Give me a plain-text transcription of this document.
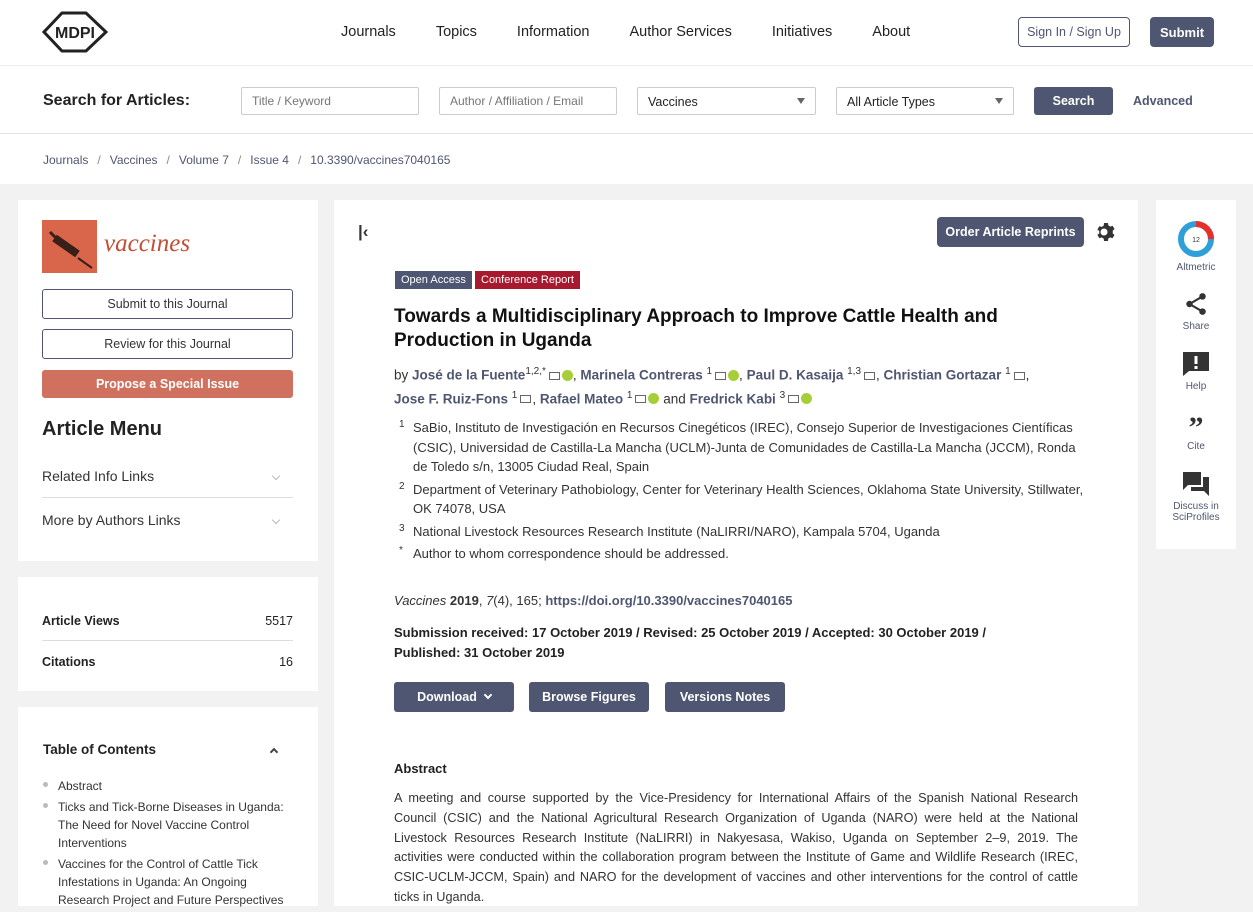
MDPI	Journals	Topics	Information	Author Services	Initiatives	About	Sign In / Sign Up	Submit
Search for Articles:
Title / Keyword
Author / Affiliation / Email	Vaccines	All Article Types	Search	Advanced
Journals / Vaccines / Volume 7 / Issue 4 / 10.3390/vaccines7040165
vaccines
Submit to this Journal
Review for this Journal
Propose a Special Issue
Article Menu
Related Info Links
More by Authors Links
Article Views	5517
Citations	16
Table of Contents
Abstract
Ticks and Tick-Borne Diseases in Uganda: The Need for Novel Vaccine Control Interventions
Vaccines for the Control of Cattle Tick Infestations in Uganda: An Ongoing Research Project and Future Perspectives
|‹	Order Article Reprints
Open Access	Conference Report
Towards a Multidisciplinary Approach to Improve Cattle Health and Production in Uganda
by José de la Fuente$^{1,2,*}$ , Marinela Contreras $^1$ , Paul D. Kasaija $^{1,3}$ , Christian Gortazar $^1$ ,
Jose F. Ruiz-Fons $^1$ , Rafael Mateo $^1$ and Fredrick Kabi $^3$
1 SaBio, Instituto de Investigación en Recursos Cinegéticos (IREC), Consejo Superior de Investigaciones Científicas (CSIC), Universidad de Castilla-La Mancha (UCLM)-Junta de Comunidades de Castilla-La Mancha (JCCM), Ronda de Toledo s/n, 13005 Ciudad Real, Spain
2 Department of Veterinary Pathobiology, Center for Veterinary Health Sciences, Oklahoma State University, Stillwater, OK 74078, USA
3 National Livestock Resources Research Institute (NaLIRRI/NARO), Kampala 5704, Uganda
* Author to whom correspondence should be addressed.
Vaccines 2019, 7(4), 165; https://doi.org/10.3390/vaccines7040165
Submission received: 17 October 2019 / Revised: 25 October 2019 / Accepted: 30 October 2019 / Published: 31 October 2019
Download	Browse Figures	Versions Notes
Abstract

A meeting and course supported by the Vice-Presidency for International Affairs of the Spanish National Research Council (CSIC) and the National Agricultural Research Organization of Uganda (NARO) were held at the National Livestock Resources Research Institute (NaLIRRI) in Nakyesasa, Wakiso, Uganda on September 2–9, 2019. The activities were conducted within the collaboration program between the Institute of Game and Wildlife Research (IREC, CSIC-UCLM-JCCM, Spain) and NARO for the development of vaccines and other interventions for the control of cattle ticks in Uganda.

12
Altmetric
Share
Help
”
Cite
Discuss in
SciProfiles
